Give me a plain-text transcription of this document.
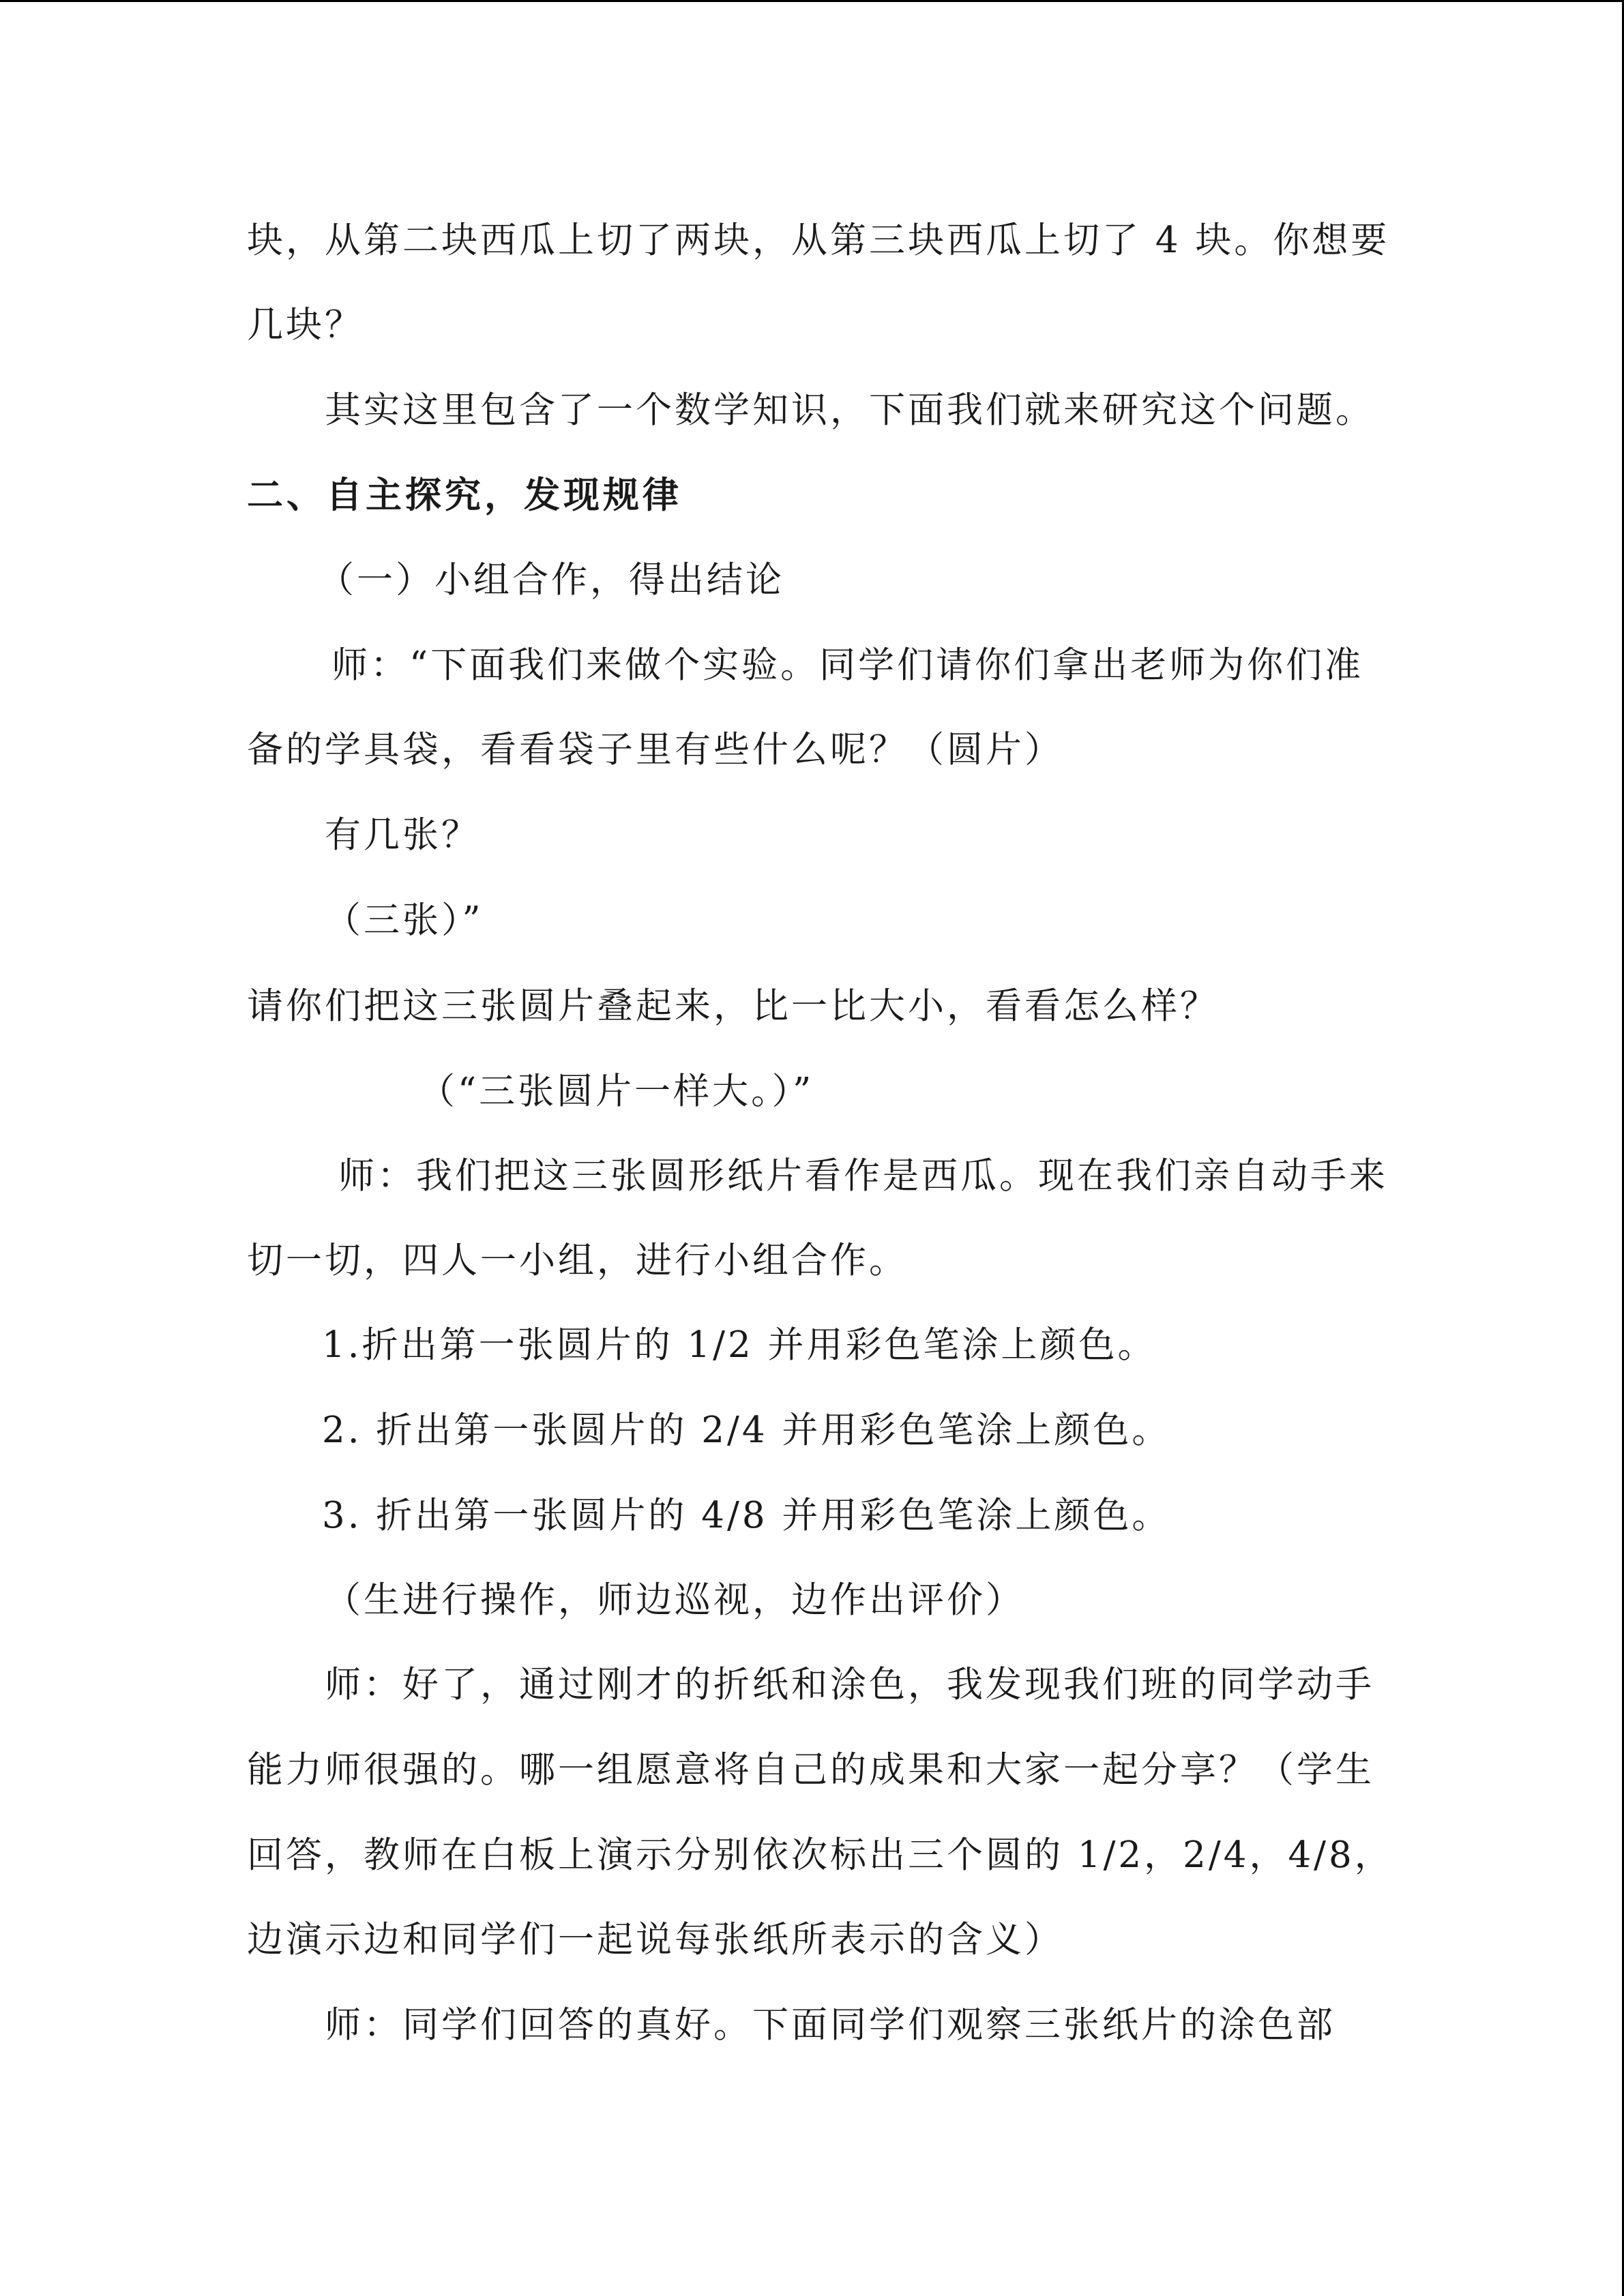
块，从第二块西瓜上切了两块，从第三块西瓜上切了 4 块。你想要
几块？
其实这里包含了一个数学知识，下面我们就来研究这个问题。
二、自主探究，发现规律
（一）小组合作，得出结论
师：“下面我们来做个实验。同学们请你们拿出老师为你们准
备的学具袋，看看袋子里有些什么呢？（圆片）
有几张？
（三张）”
请你们把这三张圆片叠起来，比一比大小，看看怎么样？
（“三张圆片一样大。）”
师：我们把这三张圆形纸片看作是西瓜。现在我们亲自动手来
切一切，四人一小组，进行小组合作。
1.折出第一张圆片的 1/2 并用彩色笔涂上颜色。
2. 折出第一张圆片的 2/4 并用彩色笔涂上颜色。
3. 折出第一张圆片的 4/8 并用彩色笔涂上颜色。
（生进行操作，师边巡视，边作出评价）
师：好了，通过刚才的折纸和涂色，我发现我们班的同学动手
能力师很强的。哪一组愿意将自己的成果和大家一起分享？（学生
回答，教师在白板上演示分别依次标出三个圆的 1/2，2/4，4/8，
边演示边和同学们一起说每张纸所表示的含义）
师：同学们回答的真好。下面同学们观察三张纸片的涂色部
